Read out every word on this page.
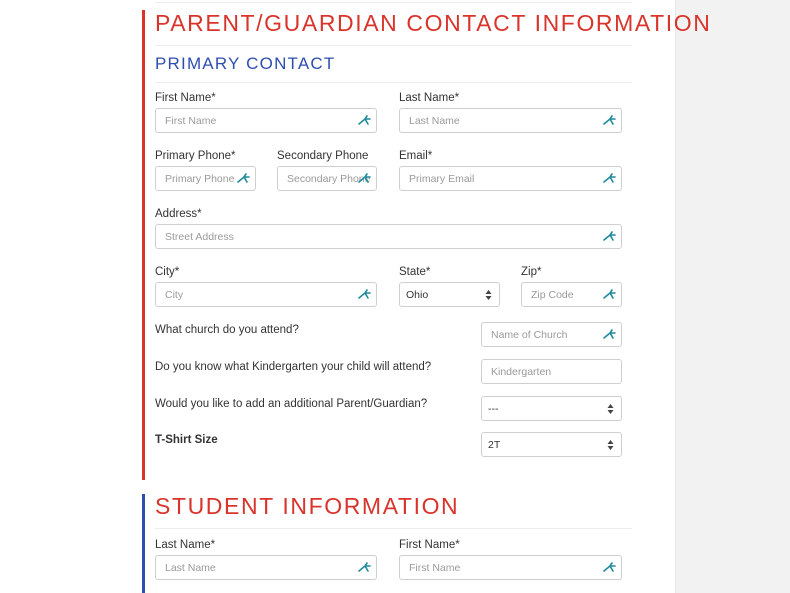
PARENT/GUARDIAN CONTACT INFORMATION
PRIMARY CONTACT
First Name*	Last Name*
First Name	Last Name
Primary Phone*	Secondary Phone	Email*
Primary Phone	Secondary Phone	Primary Email
Address*
Street Address
City*	State*	Zip*
City	Ohio	Zip Code
What church do you attend?	Name of Church
Do you know what Kindergarten your child will attend?	Kindergarten
Would you like to add an additional Parent/Guardian?	---
T-Shirt Size	2T
STUDENT INFORMATION
Last Name*	First Name*
Last Name	First Name
